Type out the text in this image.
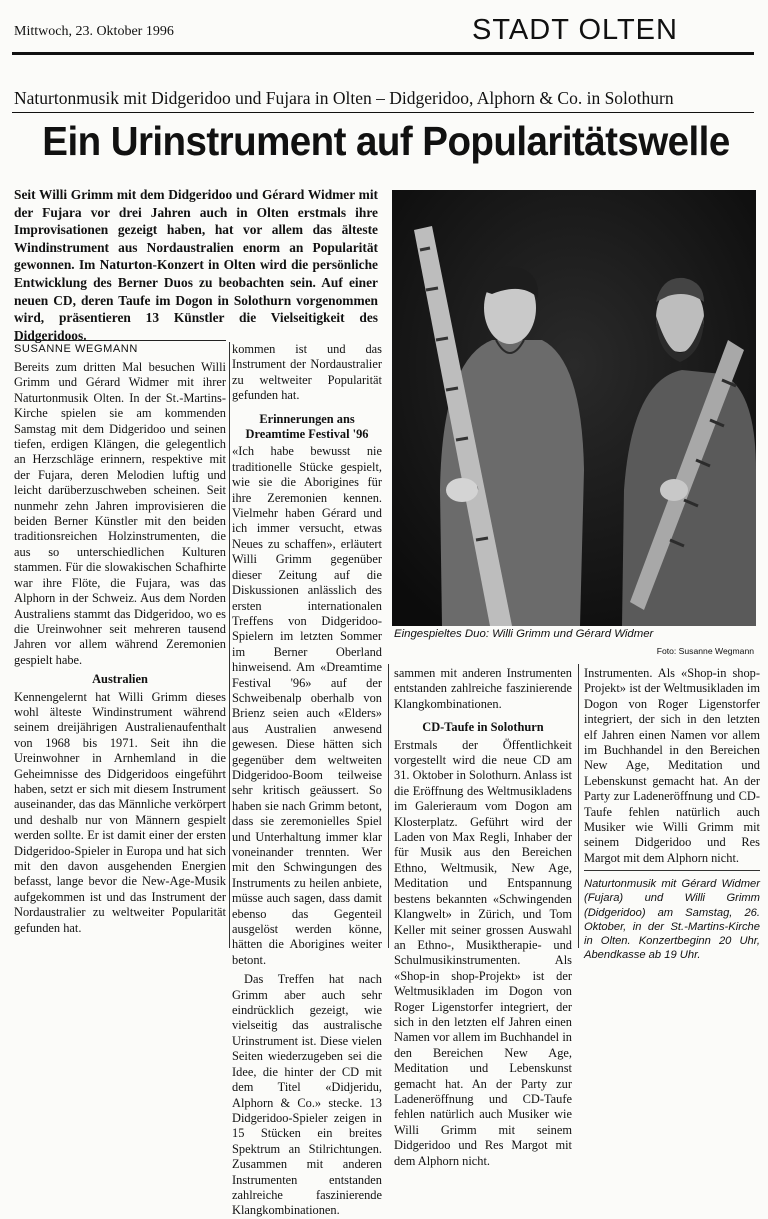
Mittwoch, 23. Oktober 1996	STADT OLTEN
Naturtonmusik mit Didgeridoo und Fujara in Olten – Didgeridoo, Alphorn & Co. in Solothurn
Ein Urinstrument auf Popularitätswelle
Seit Willi Grimm mit dem Didgeridoo und Gérard Widmer mit der Fujara vor drei Jahren auch in Olten erstmals ihre Improvisationen gezeigt haben, hat vor allem das älteste Windinstrument aus Nordaustralien enorm an Popularität gewonnen. Im Naturton-Konzert in Olten wird die persönliche Entwicklung des Berner Duos zu beobachten sein. Auf einer neuen CD, deren Taufe im Dogon in Solothurn vorgenommen wird, präsentieren 13 Künstler die Vielseitigkeit des Didgeridoos.
SUSANNE WEGMANN

Bereits zum dritten Mal besuchen Willi Grimm und Gérard Widmer mit ihrer Naturtonmusik Olten. In der St.-Martins-Kirche spielen sie am kommenden Samstag mit dem Didgeridoo und seinen tiefen, erdigen Klängen, die gelegentlich an Herzschläge erinnern, respektive mit der Fujara, deren Melodien luftig und leicht darüberzuschweben scheinen. Seit nunmehr zehn Jahren improvisieren die beiden Berner Künstler mit den beiden traditionsreichen Holzinstrumenten, die aus so unterschiedlichen Kulturen stammen. Für die slowakischen Schafhirte war ihre Flöte, die Fujara, was das Alphorn in der Schweiz. Aus dem Norden Australiens stammt das Didgeridoo, wo es die Ureinwohner seit mehreren tausend Jahren vor allem während Zeremonien gespielt habe.

Australien

Kennengelernt hat Willi Grimm dieses wohl älteste Windinstrument während seinem dreijährigen Australienaufenthalt von 1968 bis 1971. Seit ihn die Ureinwohner in Arnhemland in die Geheimnisse des Didgeridoos eingeführt haben, setzt er sich mit diesem Instrument auseinander, das das Männliche verkörpert und deshalb nur von Männern gespielt werden sollte. Er ist damit einer der ersten Didgeridoo-Spieler in Europa und hat sich mit den davon ausgehenden Energien befasst, lange bevor die New-Age-Musik aufgekommen ist und das Instrument der Nordaustralier zu weltweiter Popularität gefunden hat.

kommen ist und das Instrument der Nordaustralier zu weltweiter Popularität gefunden hat.

Erinnerungen ans Dreamtime Festival '96

«Ich habe bewusst nie traditionelle Stücke gespielt, wie sie die Aborigines für ihre Zeremonien kennen. Vielmehr haben Gérard und ich immer versucht, etwas Neues zu schaffen», erläutert Willi Grimm gegenüber dieser Zeitung auf die Diskussionen anlässlich des ersten internationalen Treffens von Didgeridoo-Spielern im letzten Sommer im Berner Oberland hinweisend. Am «Dreamtime Festival '96» auf der Schweibenalp oberhalb von Brienz seien auch «Elders» aus Australien anwesend gewesen. Diese hätten sich gegenüber dem weltweiten Didgeridoo-Boom teilweise sehr kritisch geäussert. So haben sie nach Grimm betont, dass sie zeremonielles Spiel und Unterhaltung immer klar voneinander trennten. Wer mit den Schwingungen des Instruments zu heilen anbiete, müsse auch sagen, dass damit ebenso das Gegenteil ausgelöst werden könne, hätten die Aborigines weiter betont.

Das Treffen hat nach Grimm aber auch sehr eindrücklich gezeigt, wie vielseitig das australische Urinstrument ist. Diese vielen Seiten wiederzugeben sei die Idee, die hinter der CD mit dem Titel «Didjeridu, Alphorn & Co.» stecke. 13 Didgeridoo-Spieler zeigen in 15 Stücken ein breites Spektrum an Stilrichtungen. Zusammen mit anderen Instrumenten entstanden zahlreiche faszinierende Klangkombinationen.

Eingespieltes Duo: Willi Grimm und Gérard Widmer
Foto: Susanne Wegmann

sammen mit anderen Instrumenten entstanden zahlreiche faszinierende Klangkombinationen.

CD-Taufe in Solothurn

Erstmals der Öffentlichkeit vorgestellt wird die neue CD am 31. Oktober in Solothurn. Anlass ist die Eröffnung des Weltmusikladens im Galerieraum vom Dogon am Klosterplatz. Geführt wird der Laden von Max Regli, Inhaber der für Musik aus den Bereichen Ethno, Weltmusik, New Age, Meditation und Entspannung bestens bekannten «Schwingenden Klangwelt» in Zürich, und Tom Keller mit seiner grossen Auswahl an Ethno-, Musiktherapie- und Schulmusikinstrumenten. Als «Shop-in shop-Projekt» ist der Weltmusikladen im Dogon von Roger Ligenstorfer integriert, der sich in den letzten elf Jahren einen Namen vor allem im Buchhandel in den Bereichen New Age, Meditation und Lebenskunst gemacht hat. An der Party zur Ladeneröffnung und CD-Taufe fehlen natürlich auch Musiker wie Willi Grimm mit seinem Didgeridoo und Res Margot mit dem Alphorn nicht.

Instrumenten. Als «Shop-in shop-Projekt» ist der Weltmusikladen im Dogon von Roger Ligenstorfer integriert, der sich in den letzten elf Jahren einen Namen vor allem im Buchhandel in den Bereichen New Age, Meditation und Lebenskunst gemacht hat. An der Party zur Ladeneröffnung und CD-Taufe fehlen natürlich auch Musiker wie Willi Grimm mit seinem Didgeridoo und Res Margot mit dem Alphorn nicht.

Naturtonmusik mit Gérard Widmer (Fujara) und Willi Grimm (Didgeridoo) am Samstag, 26. Oktober, in der St.-Martins-Kirche in Olten. Konzertbeginn 20 Uhr, Abendkasse ab 19 Uhr.
